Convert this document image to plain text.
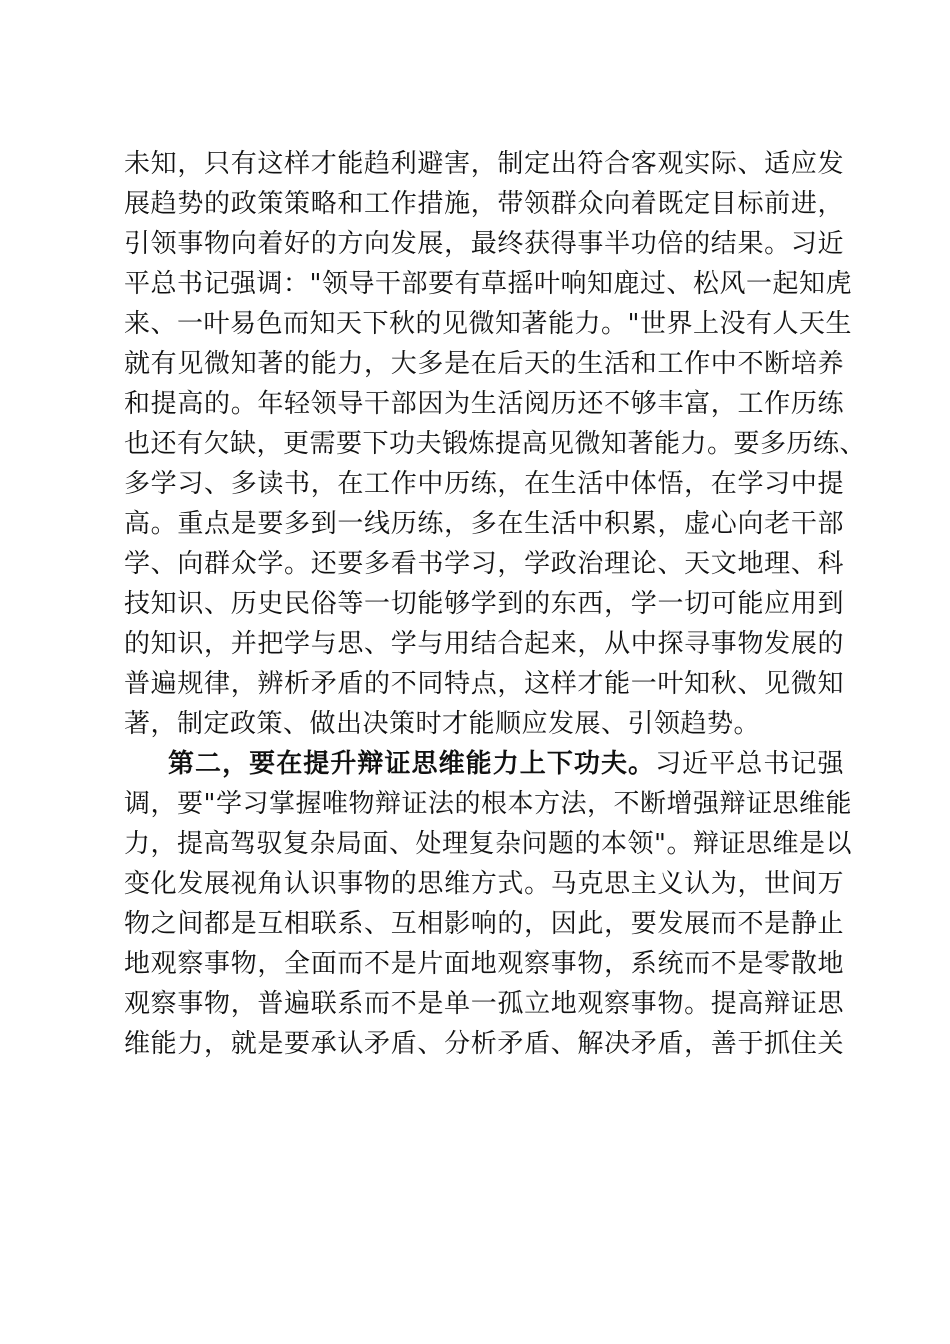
未知，只有这样才能趋利避害，制定出符合客观实际、适应发
展趋势的政策策略和工作措施，带领群众向着既定目标前进，
引领事物向着好的方向发展，最终获得事半功倍的结果。习近
平总书记强调："领导干部要有草摇叶响知鹿过、松风一起知虎
来、一叶易色而知天下秋的见微知著能力。"世界上没有人天生
就有见微知著的能力，大多是在后天的生活和工作中不断培养
和提高的。年轻领导干部因为生活阅历还不够丰富，工作历练
也还有欠缺，更需要下功夫锻炼提高见微知著能力。要多历练、
多学习、多读书，在工作中历练，在生活中体悟，在学习中提
高。重点是要多到一线历练，多在生活中积累，虚心向老干部
学、向群众学。还要多看书学习，学政治理论、天文地理、科
技知识、历史民俗等一切能够学到的东西，学一切可能应用到
的知识，并把学与思、学与用结合起来，从中探寻事物发展的
普遍规律，辨析矛盾的不同特点，这样才能一叶知秋、见微知
著，制定政策、做出决策时才能顺应发展、引领趋势。
第二，要在提升辩证思维能力上下功夫。习近平总书记强
调，要"学习掌握唯物辩证法的根本方法，不断增强辩证思维能
力，提高驾驭复杂局面、处理复杂问题的本领"。辩证思维是以
变化发展视角认识事物的思维方式。马克思主义认为，世间万
物之间都是互相联系、互相影响的，因此，要发展而不是静止
地观察事物，全面而不是片面地观察事物，系统而不是零散地
观察事物，普遍联系而不是单一孤立地观察事物。提高辩证思
维能力，就是要承认矛盾、分析矛盾、解决矛盾，善于抓住关
